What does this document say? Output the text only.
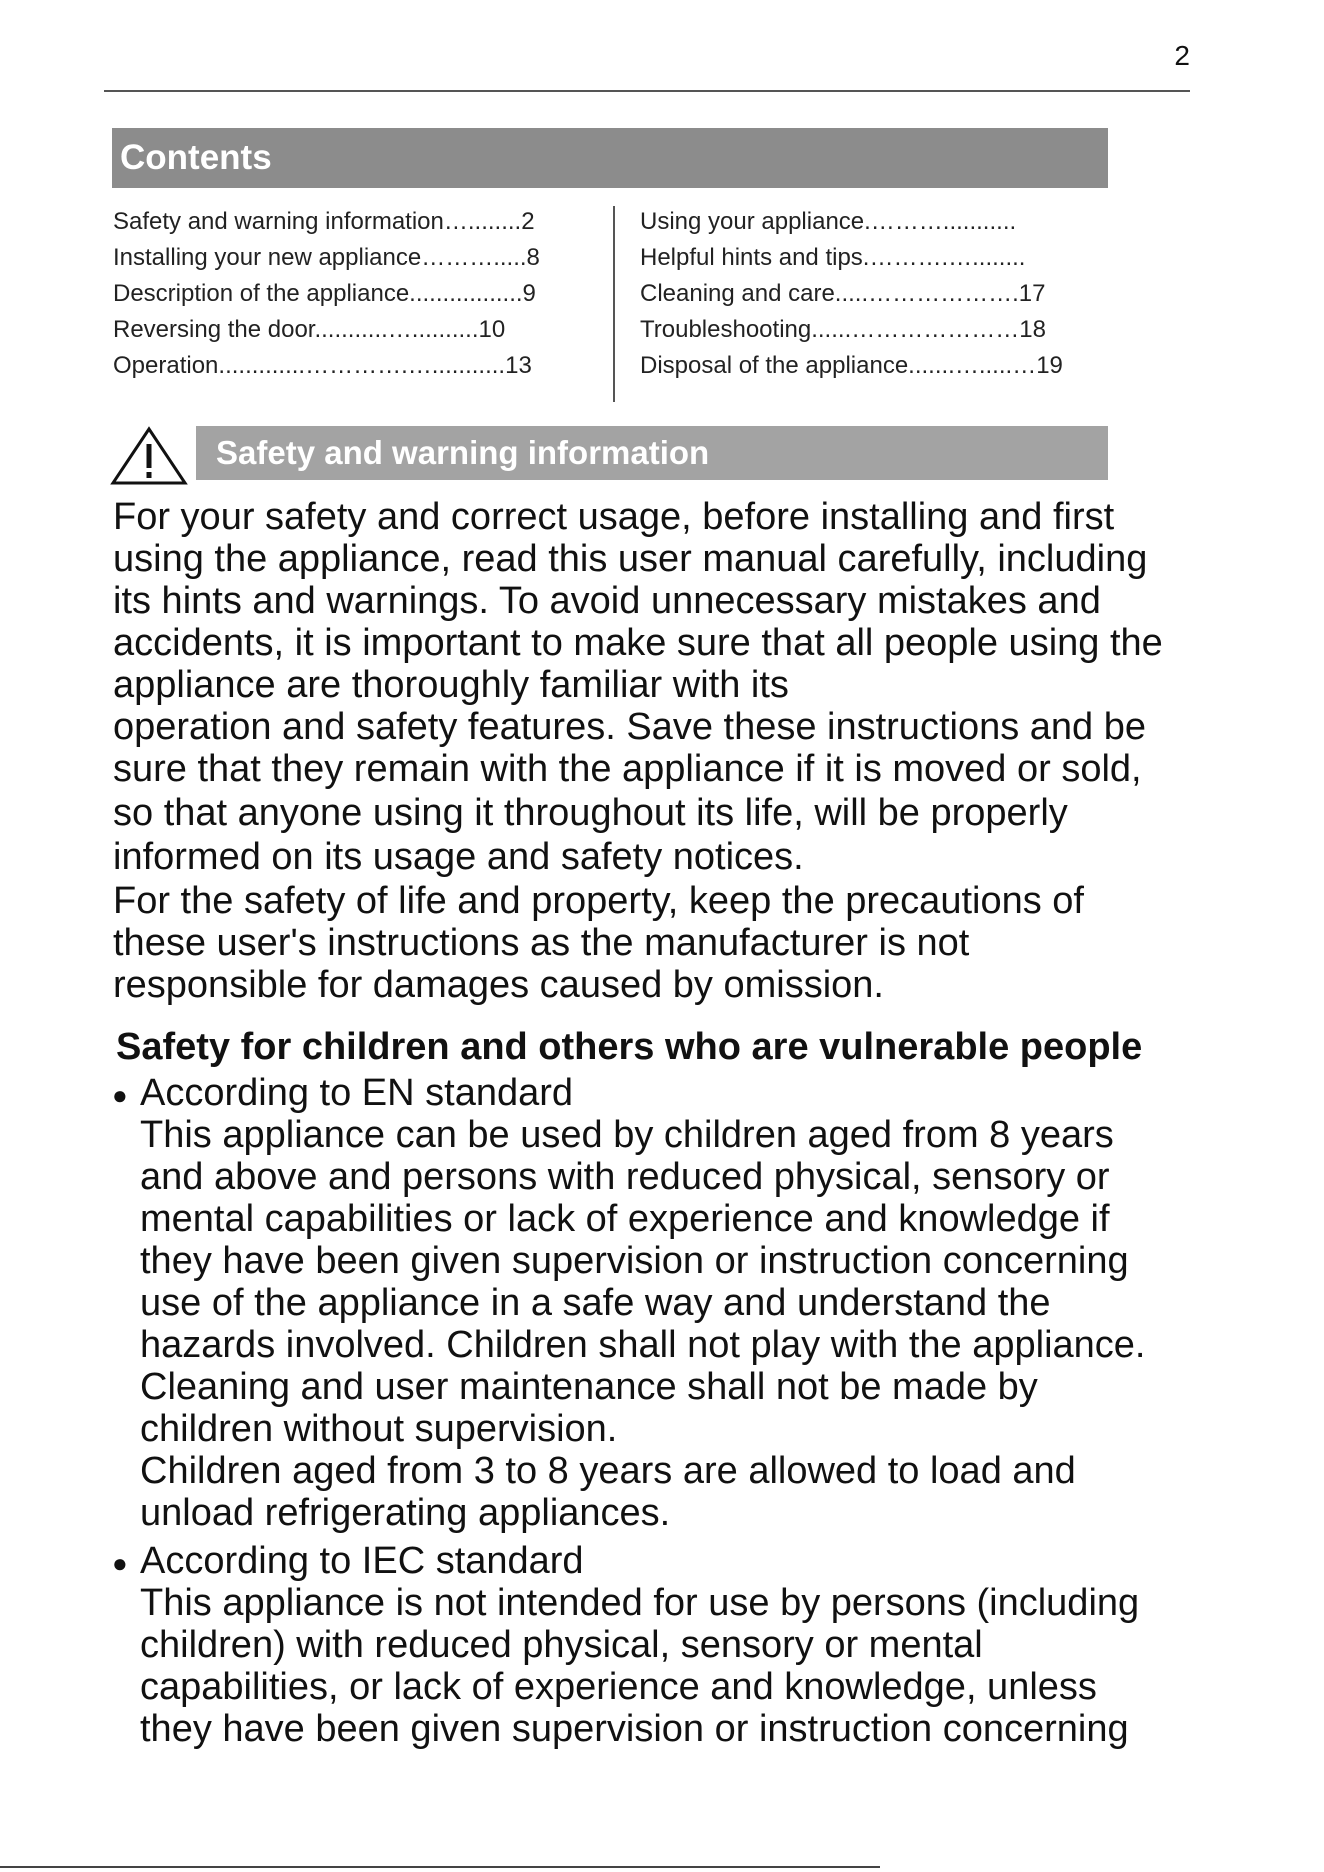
2
Contents
Safety and warning information…........2
Installing your new appliance……….....8
Description of the appliance.................9
Reversing the door...........…..........10
Operation.............………….…...........13
Using your appliance.………...........
Helpful hints and tips.……….…........
Cleaning and care.....……………….17
Troubleshooting......…………………18
Disposal of the appliance.......….....…19
Safety and warning information
For your safety and correct usage, before installing and first
using the appliance, read this user manual carefully, including
its hints and warnings. To avoid unnecessary mistakes and
accidents, it is important to make sure that all people using the
appliance are thoroughly familiar with its
operation and safety features. Save these instructions and be
sure that they remain with the appliance if it is moved or sold,
so that anyone using it throughout its life, will be properly
informed on its usage and safety notices.
For the safety of life and property, keep the precautions of
these user's instructions as the manufacturer is not
responsible for damages caused by omission.
Safety for children and others who are vulnerable people
● According to EN standard
This appliance can be used by children aged from 8 years
and above and persons with reduced physical, sensory or
mental capabilities or lack of experience and knowledge if
they have been given supervision or instruction concerning
use of the appliance in a safe way and understand the
hazards involved. Children shall not play with the appliance.
Cleaning and user maintenance shall not be made by
children without supervision.
Children aged from 3 to 8 years are allowed to load and
unload refrigerating appliances.
● According to IEC standard
This appliance is not intended for use by persons (including
children) with reduced physical, sensory or mental
capabilities, or lack of experience and knowledge, unless
they have been given supervision or instruction concerning
